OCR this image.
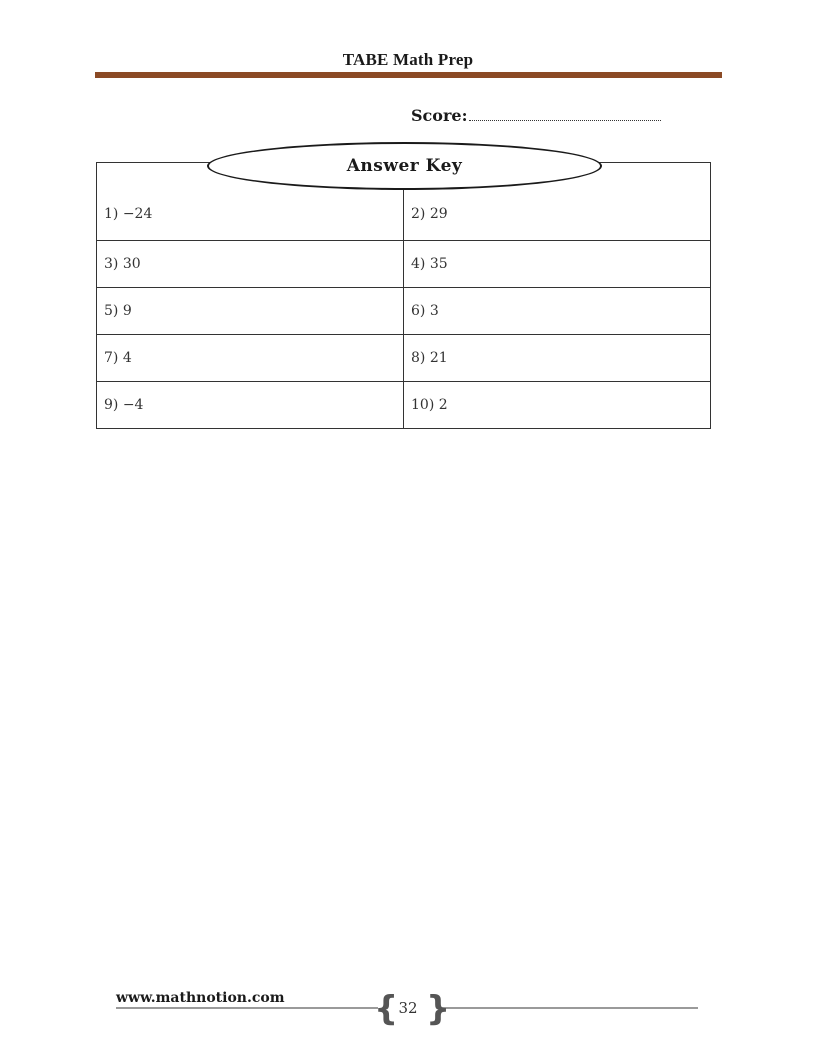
TABE Math Prep
Score:
1) −24	2) 29
3) 30	4) 35
5) 9	6) 3
7) 4	8) 21
9) −4	10) 2
Answer Key
www.mathnotion.com	{ 32 }
